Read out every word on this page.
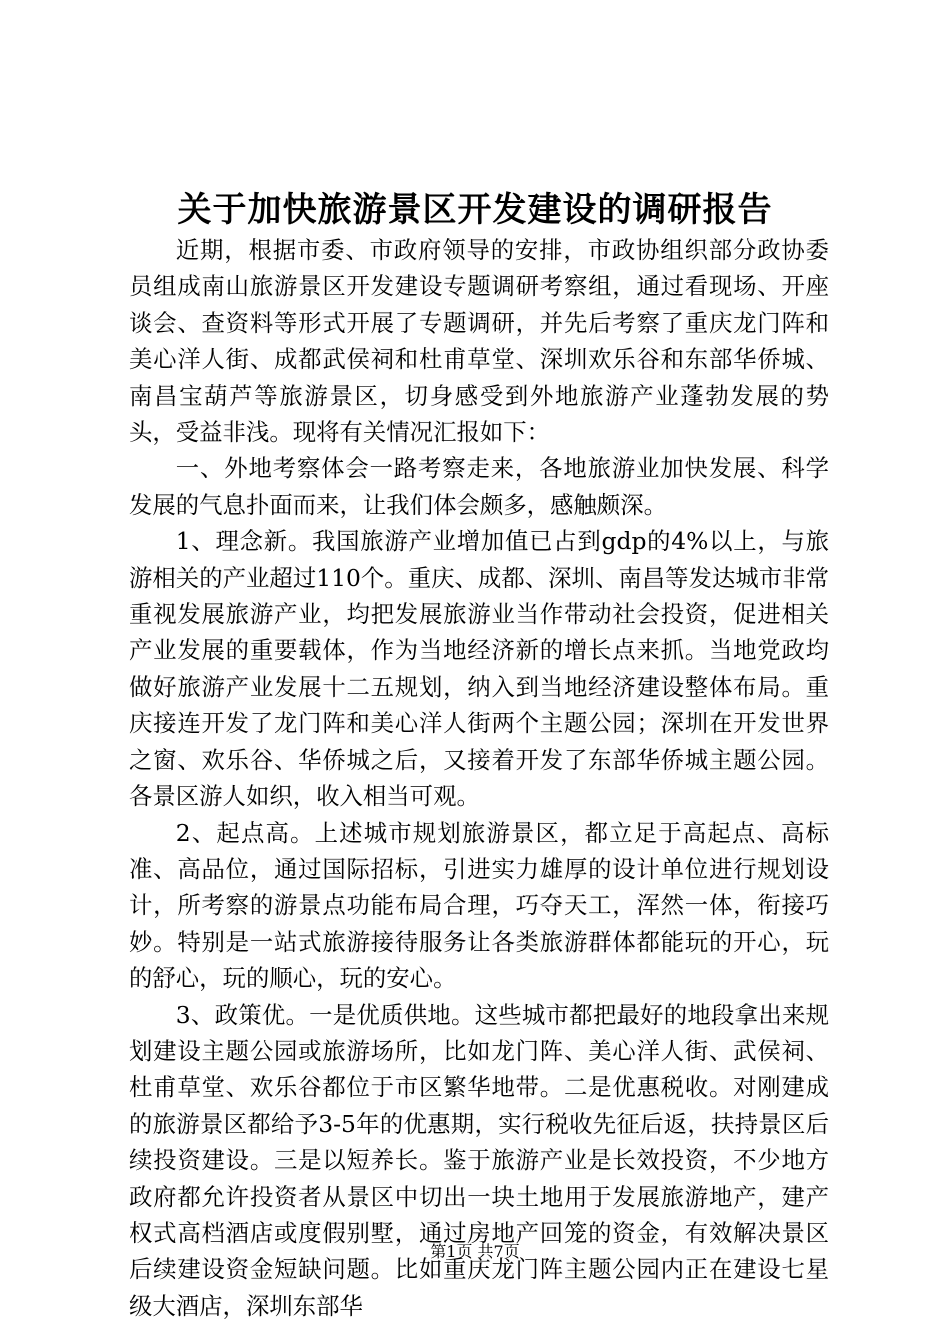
关于加快旅游景区开发建设的调研报告

近期，根据市委、市政府领导的安排，市政协组织部分政协委员组成南山旅游景区开发建设专题调研考察组，通过看现场、开座谈会、查资料等形式开展了专题调研，并先后考察了重庆龙门阵和美心洋人街、成都武侯祠和杜甫草堂、深圳欢乐谷和东部华侨城、南昌宝葫芦等旅游景区，切身感受到外地旅游产业蓬勃发展的势头，受益非浅。现将有关情况汇报如下：

一、外地考察体会一路考察走来，各地旅游业加快发展、科学发展的气息扑面而来，让我们体会颇多，感触颇深。

1、理念新。我国旅游产业增加值已占到gdp的4%以上，与旅游相关的产业超过110个。重庆、成都、深圳、南昌等发达城市非常重视发展旅游产业，均把发展旅游业当作带动社会投资，促进相关产业发展的重要载体，作为当地经济新的增长点来抓。当地党政均做好旅游产业发展十二五规划，纳入到当地经济建设整体布局。重庆接连开发了龙门阵和美心洋人街两个主题公园；深圳在开发世界之窗、欢乐谷、华侨城之后，又接着开发了东部华侨城主题公园。各景区游人如织，收入相当可观。

2、起点高。上述城市规划旅游景区，都立足于高起点、高标准、高品位，通过国际招标，引进实力雄厚的设计单位进行规划设计，所考察的游景点功能布局合理，巧夺天工，浑然一体，衔接巧妙。特别是一站式旅游接待服务让各类旅游群体都能玩的开心，玩的舒心，玩的顺心，玩的安心。

3、政策优。一是优质供地。这些城市都把最好的地段拿出来规划建设主题公园或旅游场所，比如龙门阵、美心洋人街、武侯祠、杜甫草堂、欢乐谷都位于市区繁华地带。二是优惠税收。对刚建成的旅游景区都给予3-5年的优惠期，实行税收先征后返，扶持景区后续投资建设。三是以短养长。鉴于旅游产业是长效投资，不少地方政府都允许投资者从景区中切出一块土地用于发展旅游地产，建产权式高档酒店或度假别墅，通过房地产回笼的资金，有效解决景区后续建设资金短缺问题。比如重庆龙门阵主题公园内正在建设七星级大酒店，深圳东部华

第1页 共7页
